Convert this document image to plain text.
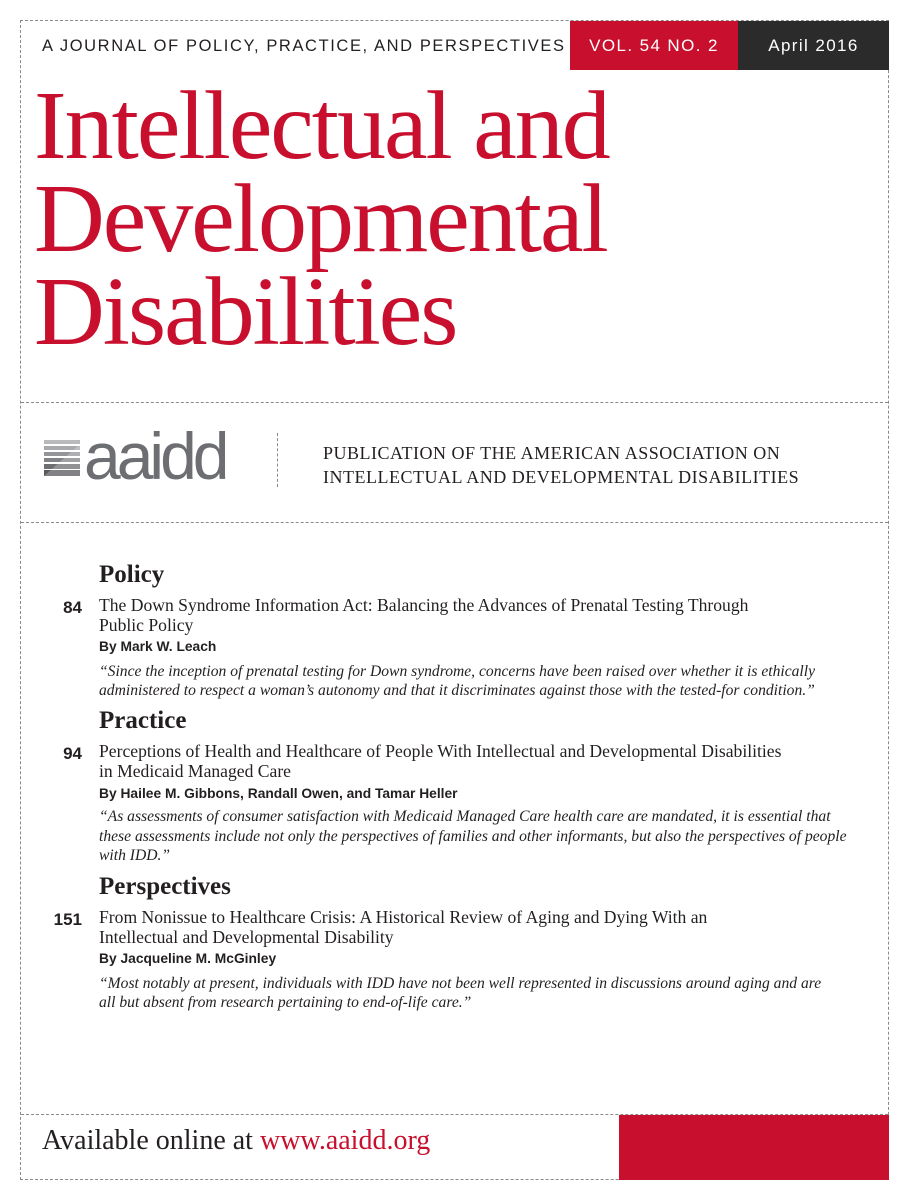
A JOURNAL OF POLICY, PRACTICE, AND PERSPECTIVES	VOL. 54 NO. 2	April 2016
Intellectual and
Developmental
Disabilities
aaidd	PUBLICATION OF THE AMERICAN ASSOCIATION ON
INTELLECTUAL AND DEVELOPMENTAL DISABILITIES
Policy
84 The Down Syndrome Information Act: Balancing the Advances of Prenatal Testing Through
Public Policy
By Mark W. Leach
“Since the inception of prenatal testing for Down syndrome, concerns have been raised over whether it is ethically
administered to respect a woman’s autonomy and that it discriminates against those with the tested-for condition.”
Practice
94 Perceptions of Health and Healthcare of People With Intellectual and Developmental Disabilities
in Medicaid Managed Care
By Hailee M. Gibbons, Randall Owen, and Tamar Heller
“As assessments of consumer satisfaction with Medicaid Managed Care health care are mandated, it is essential that
these assessments include not only the perspectives of families and other informants, but also the perspectives of people
with IDD.”
Perspectives
151 From Nonissue to Healthcare Crisis: A Historical Review of Aging and Dying With an
Intellectual and Developmental Disability
By Jacqueline M. McGinley
“Most notably at present, individuals with IDD have not been well represented in discussions around aging and are
all but absent from research pertaining to end-of-life care.”
Available online at www.aaidd.org
